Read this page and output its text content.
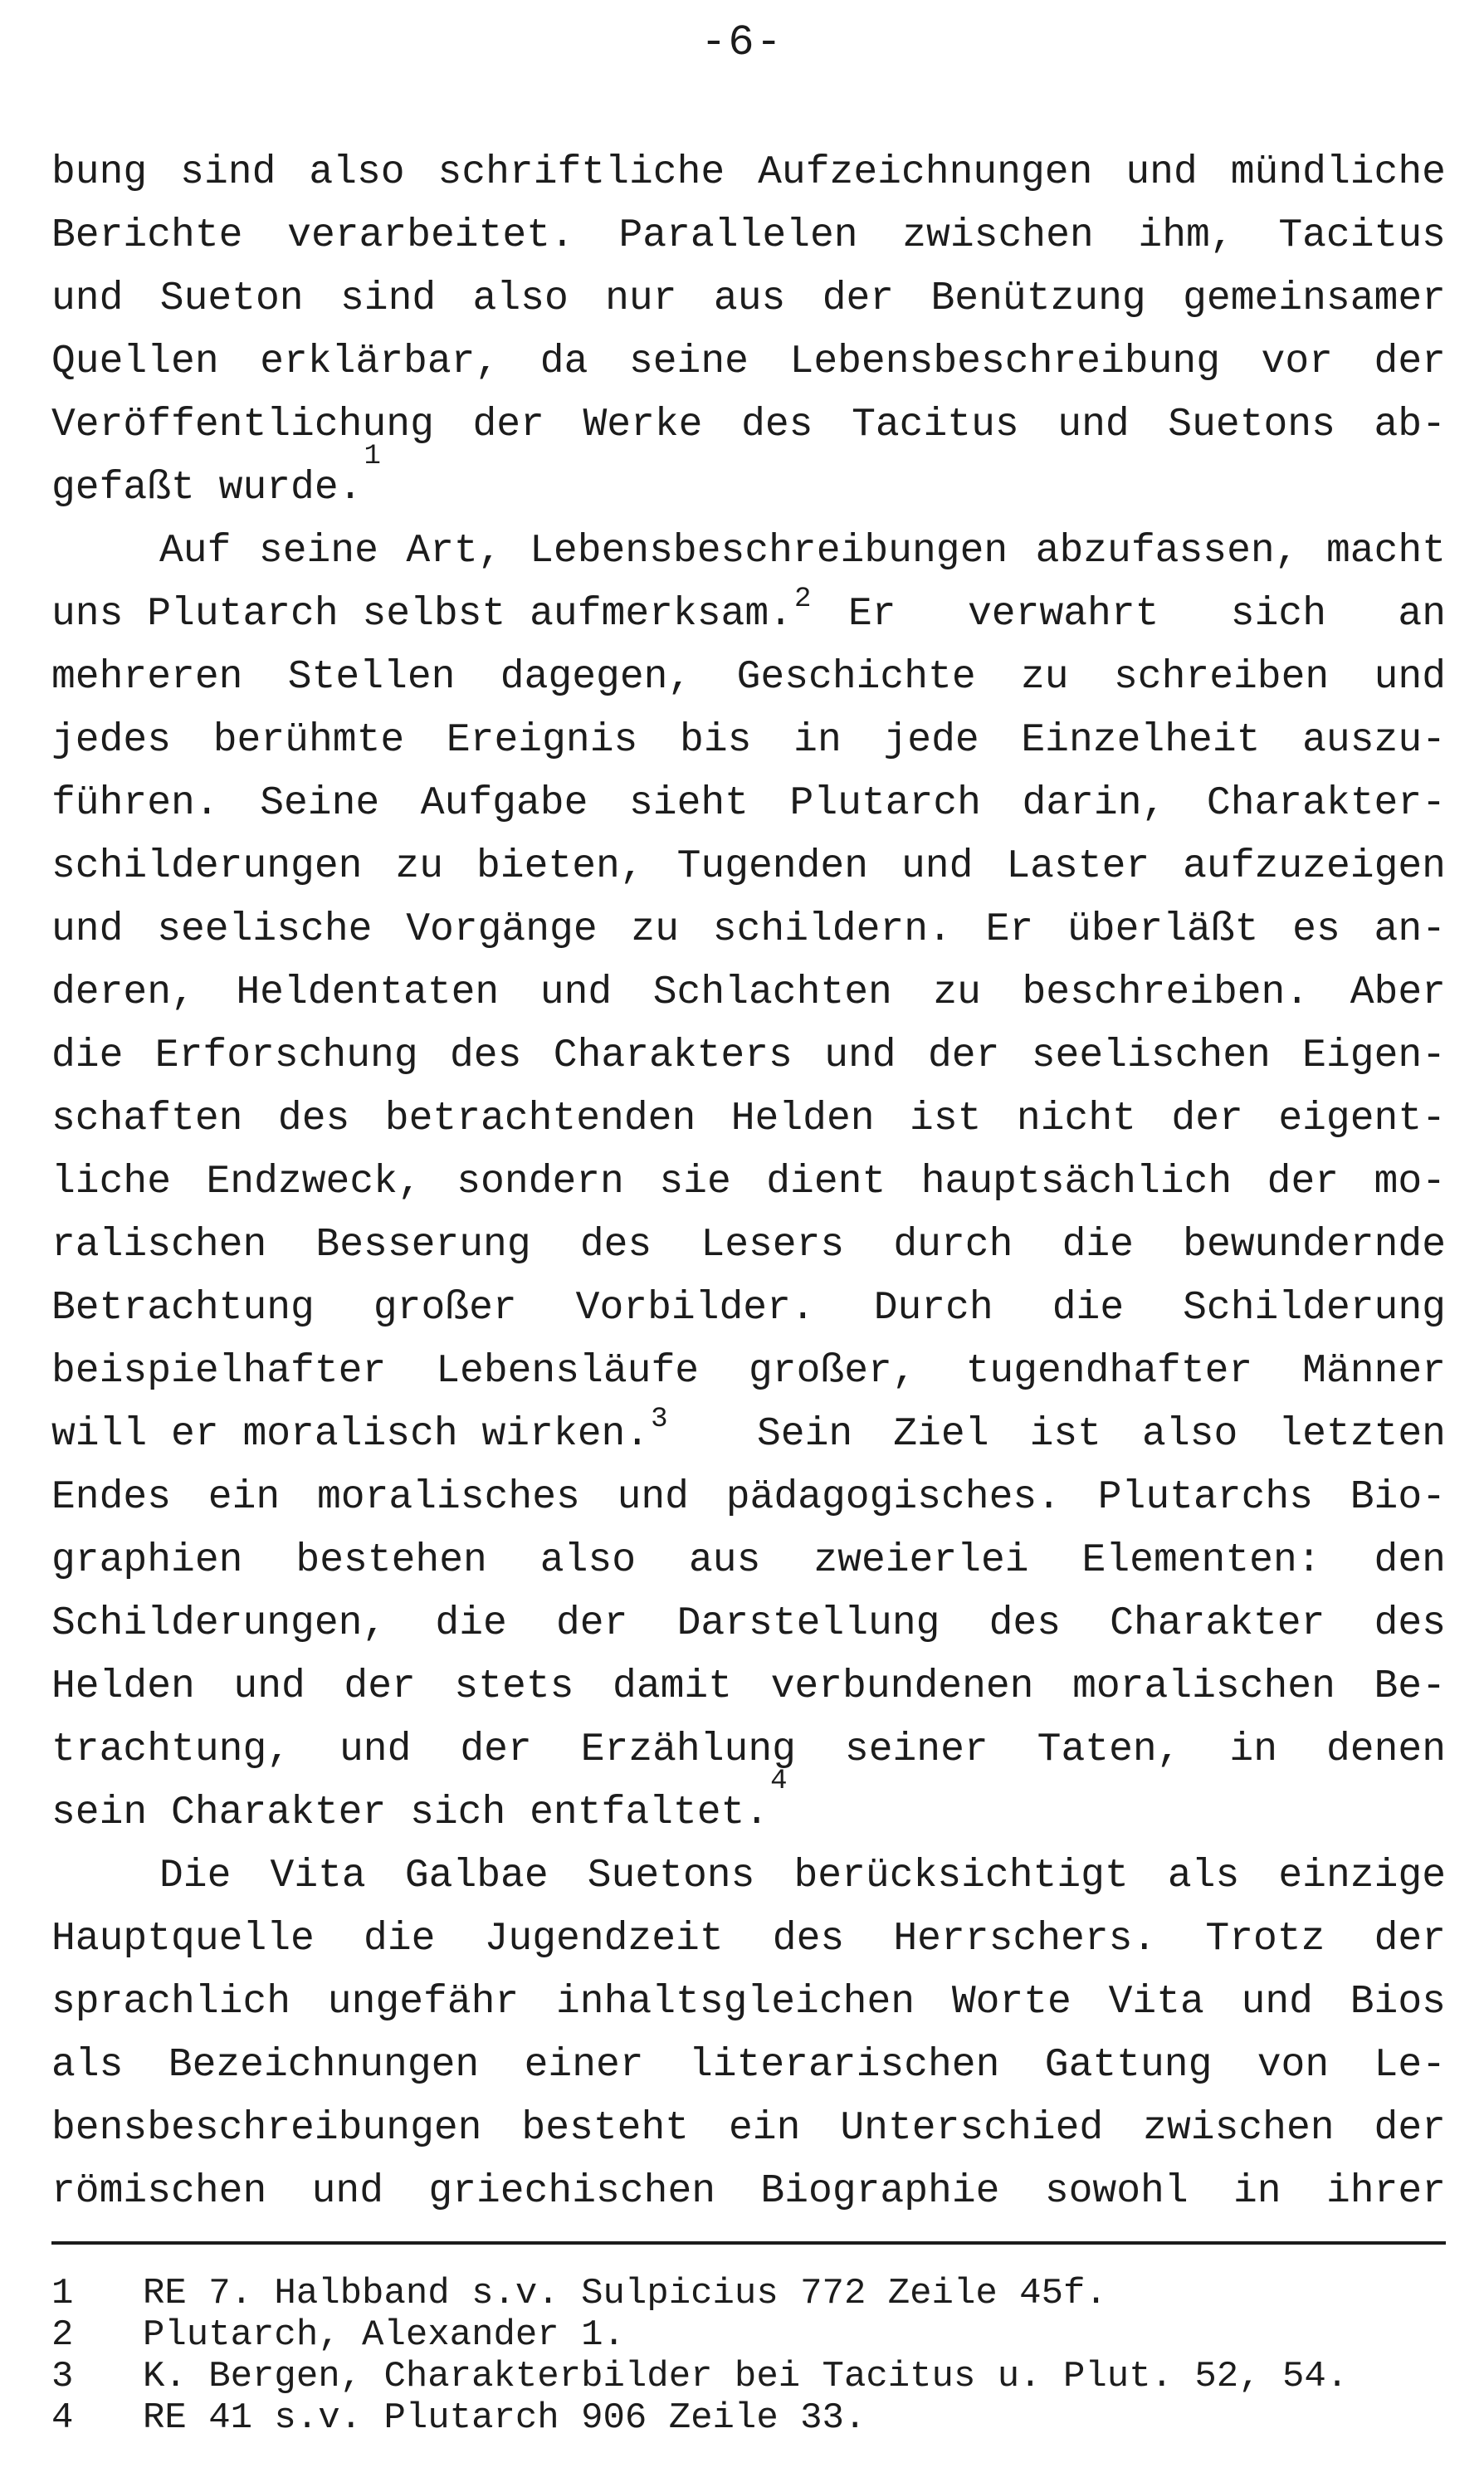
-6-
bung sind also schriftliche Aufzeichnungen und mündliche
Berichte verarbeitet. Parallelen zwischen ihm, Tacitus
und Sueton sind also nur aus der Benützung gemeinsamer
Quellen erklärbar, da seine Lebensbeschreibung vor der
Veröffentlichung der Werke des Tacitus und Suetons ab-
gefaßt wurde.
1
Auf seine Art, Lebensbeschreibungen abzufassen, macht
uns Plutarch selbst aufmerksam.$^2$ Er verwahrt sich an
mehreren Stellen dagegen, Geschichte zu schreiben und
jedes berühmte Ereignis bis in jede Einzelheit auszu-
führen. Seine Aufgabe sieht Plutarch darin, Charakter-
schilderungen zu bieten, Tugenden und Laster aufzuzeigen
und seelische Vorgänge zu schildern. Er überläßt es an-
deren, Heldentaten und Schlachten zu beschreiben. Aber
die Erforschung des Charakters und der seelischen Eigen-
schaften des betrachtenden Helden ist nicht der eigent-
liche Endzweck, sondern sie dient hauptsächlich der mo-
ralischen Besserung des Lesers durch die bewundernde
Betrachtung großer Vorbilder. Durch die Schilderung
beispielhafter Lebensläufe großer, tugendhafter Männer
will er moralisch wirken.$^3$ Sein Ziel ist also letzten
Endes ein moralisches und pädagogisches. Plutarchs Bio-
graphien bestehen also aus zweierlei Elementen: den
Schilderungen, die der Darstellung des Charakter des
Helden und der stets damit verbundenen moralischen Be-
trachtung, und der Erzählung seiner Taten, in denen
sein Charakter sich entfaltet.
4
Die Vita Galbae Suetons berücksichtigt als einzige
Hauptquelle die Jugendzeit des Herrschers. Trotz der
sprachlich ungefähr inhaltsgleichen Worte Vita und Bios
als Bezeichnungen einer literarischen Gattung von Le-
bensbeschreibungen besteht ein Unterschied zwischen der
römischen und griechischen Biographie sowohl in ihrer
1	RE 7. Halbband s.v. Sulpicius 772 Zeile 45f.
2	Plutarch, Alexander 1.
3	K. Bergen, Charakterbilder bei Tacitus u. Plut. 52, 54.
4	RE 41 s.v. Plutarch 906 Zeile 33.
